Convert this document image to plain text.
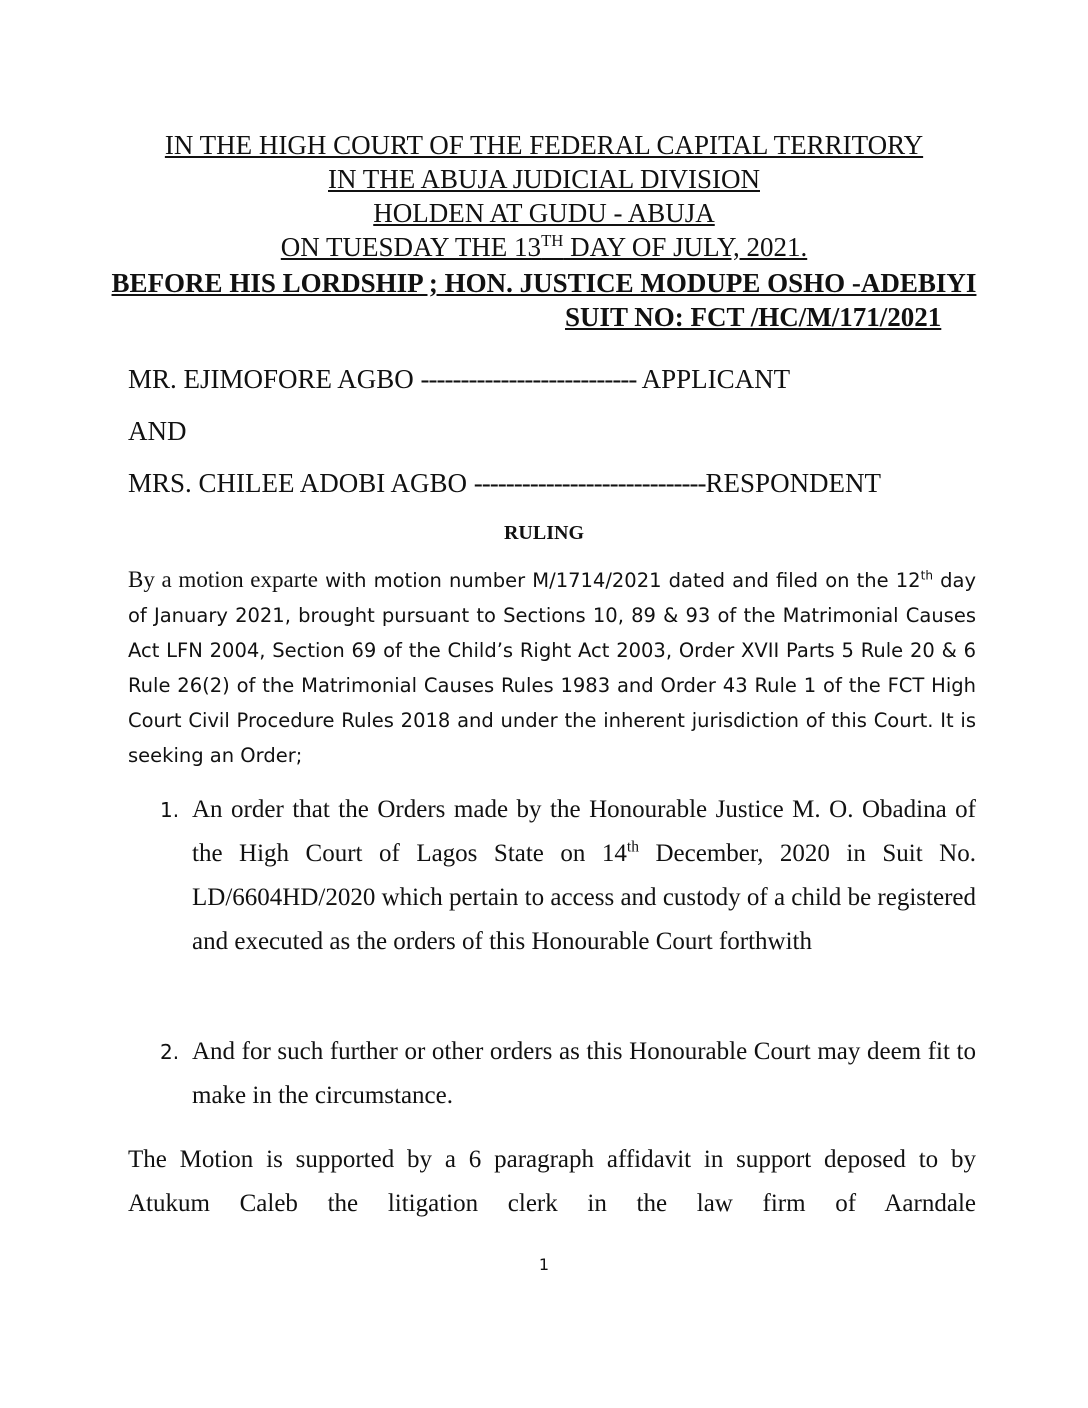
IN THE HIGH COURT OF THE FEDERAL CAPITAL TERRITORY
IN THE ABUJA JUDICIAL DIVISION
HOLDEN AT GUDU - ABUJA
ON TUESDAY THE 13TH DAY OF JULY, 2021.
BEFORE HIS LORDSHIP ; HON. JUSTICE MODUPE OSHO -ADEBIYI
SUIT NO: FCT /HC/M/171/2021
MR. EJIMOFORE AGBO --------------------------- APPLICANT
AND
MRS. CHILEE ADOBI AGBO -----------------------------RESPONDENT
RULING
By a motion exparte with motion number M/1714/2021 dated and filed on the 12th day of January 2021, brought pursuant to Sections 10, 89 & 93 of the Matrimonial Causes Act LFN 2004, Section 69 of the Child’s Right Act 2003, Order XVII Parts 5 Rule 20 & 6 Rule 26(2) of the Matrimonial Causes Rules 1983 and Order 43 Rule 1 of the FCT High Court Civil Procedure Rules 2018 and under the inherent jurisdiction of this Court. It is seeking an Order;
1. An order that the Orders made by the Honourable Justice M. O. Obadina of the High Court of Lagos State on 14th December, 2020 in Suit No. LD/6604HD/2020 which pertain to access and custody of a child be registered and executed as the orders of this Honourable Court forthwith
2. And for such further or other orders as this Honourable Court may deem fit to make in the circumstance.
The Motion is supported by a 6 paragraph affidavit in support deposed to by Atukum Caleb the litigation clerk in the law firm of Aarndale
1
